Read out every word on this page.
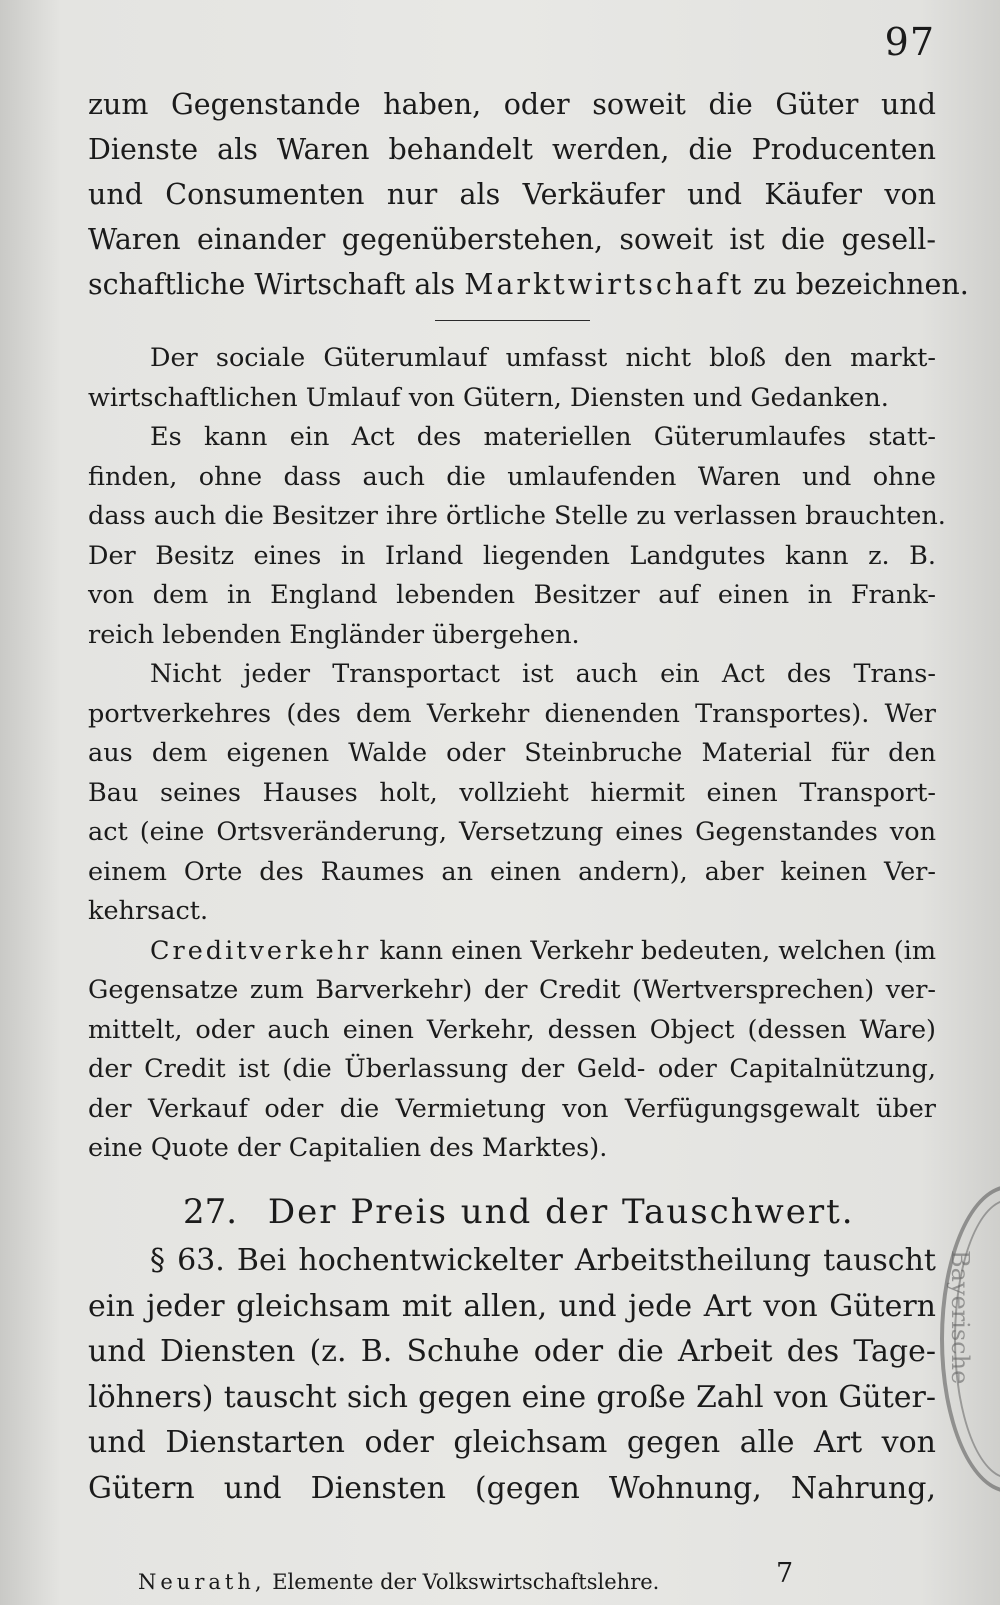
97
zum Gegenstande haben, oder soweit die Güter und
Dienste als Waren behandelt werden, die Producenten
und Consumenten nur als Verkäufer und Käufer von
Waren einander gegenüberstehen, soweit ist die gesell-
schaftliche Wirtschaft als Marktwirtschaft zu bezeichnen.
Der sociale Güterumlauf umfasst nicht bloß den markt-
wirtschaftlichen Umlauf von Gütern, Diensten und Gedanken.
Es kann ein Act des materiellen Güterumlaufes statt-
finden, ohne dass auch die umlaufenden Waren und ohne
dass auch die Besitzer ihre örtliche Stelle zu verlassen brauchten.
Der Besitz eines in Irland liegenden Landgutes kann z. B.
von dem in England lebenden Besitzer auf einen in Frank-
reich lebenden Engländer übergehen.
Nicht jeder Transportact ist auch ein Act des Trans-
portverkehres (des dem Verkehr dienenden Transportes). Wer
aus dem eigenen Walde oder Steinbruche Material für den
Bau seines Hauses holt, vollzieht hiermit einen Transport-
act (eine Ortsveränderung, Versetzung eines Gegenstandes von
einem Orte des Raumes an einen andern), aber keinen Ver-
kehrsact.
Creditverkehr kann einen Verkehr bedeuten, welchen (im
Gegensatze zum Barverkehr) der Credit (Wertversprechen) ver-
mittelt, oder auch einen Verkehr, dessen Object (dessen Ware)
der Credit ist (die Überlassung der Geld- oder Capitalnützung,
der Verkauf oder die Vermietung von Verfügungsgewalt über
eine Quote der Capitalien des Marktes).
27. Der Preis und der Tauschwert.
§ 63. Bei hochentwickelter Arbeitstheilung tauscht
ein jeder gleichsam mit allen, und jede Art von Gütern
und Diensten (z. B. Schuhe oder die Arbeit des Tage-
löhners) tauscht sich gegen eine große Zahl von Güter-
und Dienstarten oder gleichsam gegen alle Art von
Gütern und Diensten (gegen Wohnung, Nahrung,
Neurath, Elemente der Volkswirtschaftslehre.	7
Bayerische
